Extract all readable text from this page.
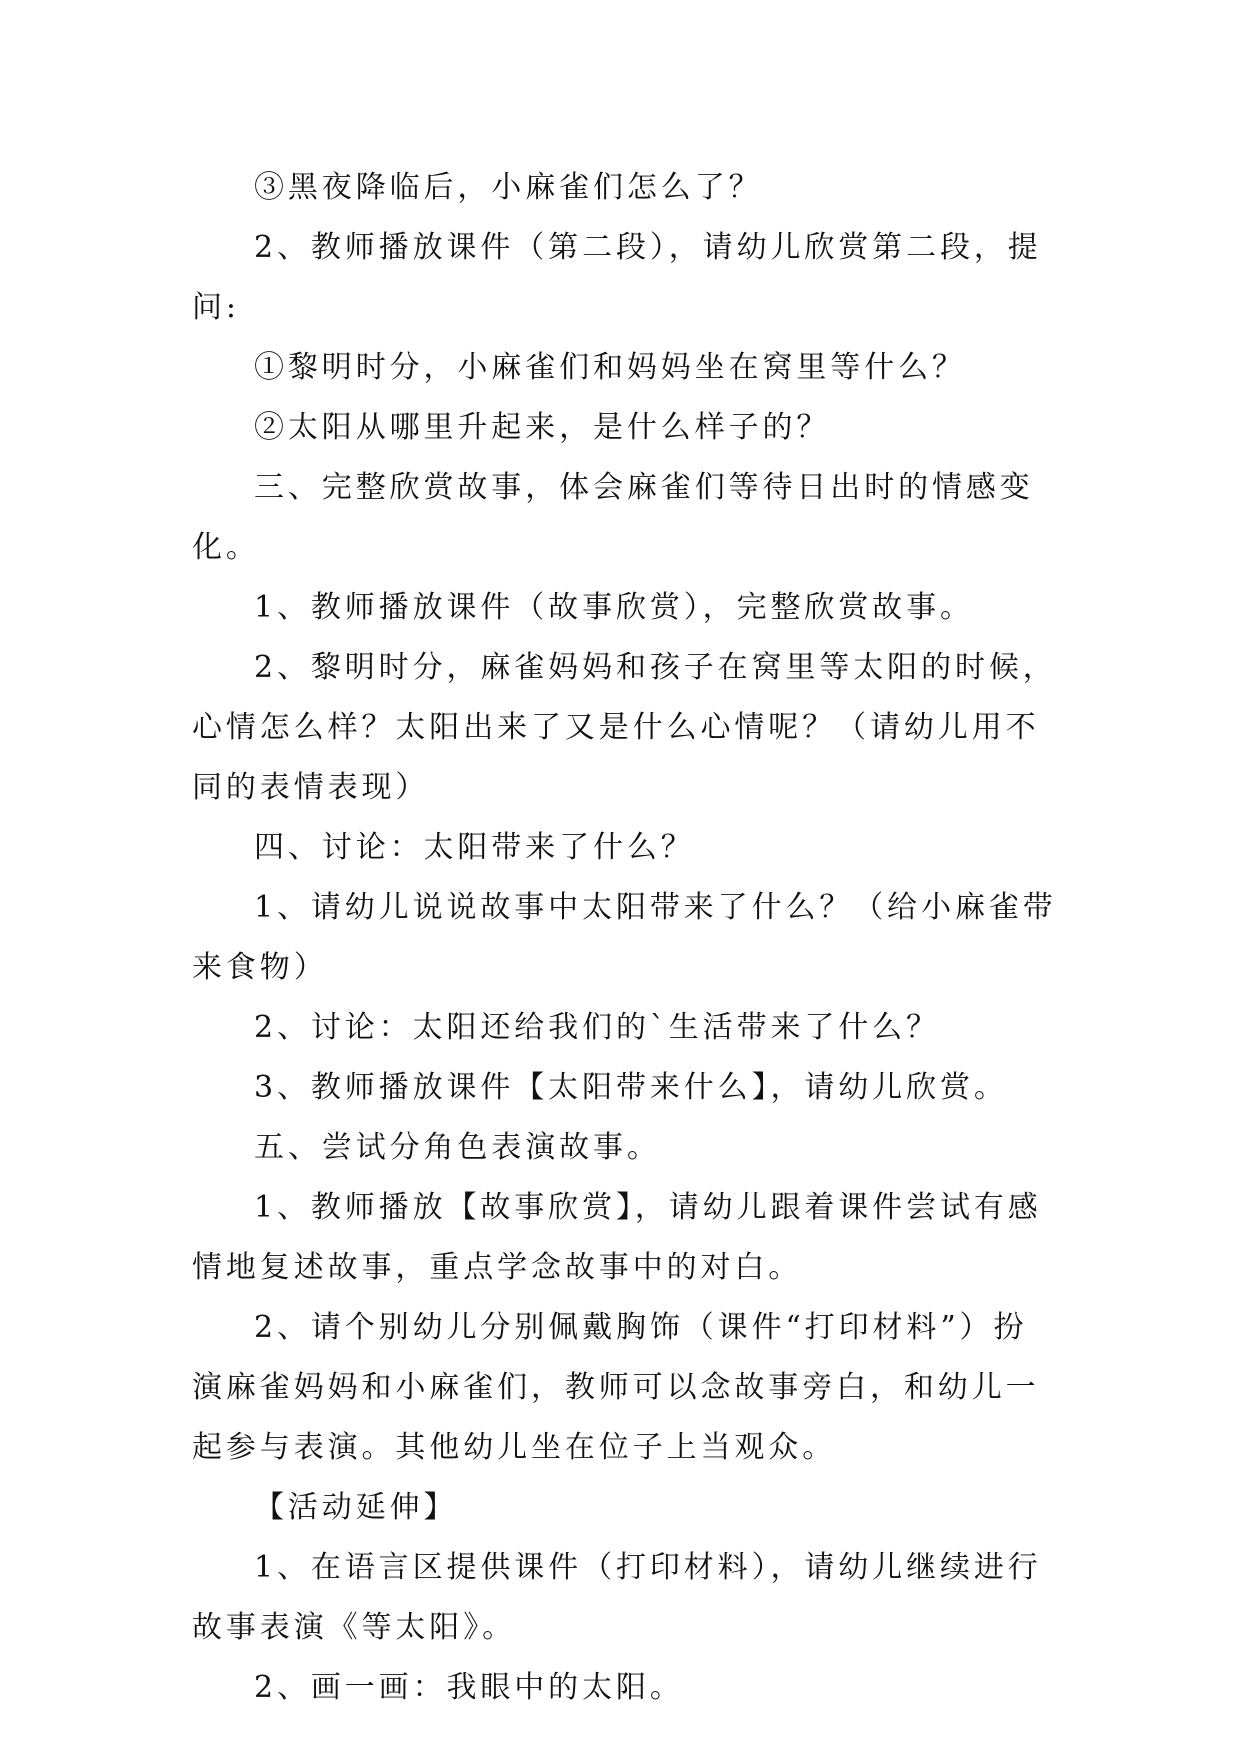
③黑夜降临后，小麻雀们怎么了？

2、教师播放课件（第二段），请幼儿欣赏第二段，提问:

①黎明时分，小麻雀们和妈妈坐在窝里等什么？

②太阳从哪里升起来，是什么样子的？

三、完整欣赏故事，体会麻雀们等待日出时的情感变化。

1、教师播放课件（故事欣赏），完整欣赏故事。

2、黎明时分，麻雀妈妈和孩子在窝里等太阳的时候，心情怎么样？太阳出来了又是什么心情呢？（请幼儿用不同的表情表现）

四、讨论：太阳带来了什么？

1、请幼儿说说故事中太阳带来了什么？（给小麻雀带来食物）

2、讨论：太阳还给我们的`生活带来了什么？

3、教师播放课件【太阳带来什么】，请幼儿欣赏。

五、尝试分角色表演故事。

1、教师播放【故事欣赏】，请幼儿跟着课件尝试有感情地复述故事，重点学念故事中的对白。

2、请个别幼儿分别佩戴胸饰（课件“打印材料”）扮演麻雀妈妈和小麻雀们，教师可以念故事旁白，和幼儿一起参与表演。其他幼儿坐在位子上当观众。

【活动延伸】

1、在语言区提供课件（打印材料），请幼儿继续进行故事表演《等太阳》。

2、画一画：我眼中的太阳。
